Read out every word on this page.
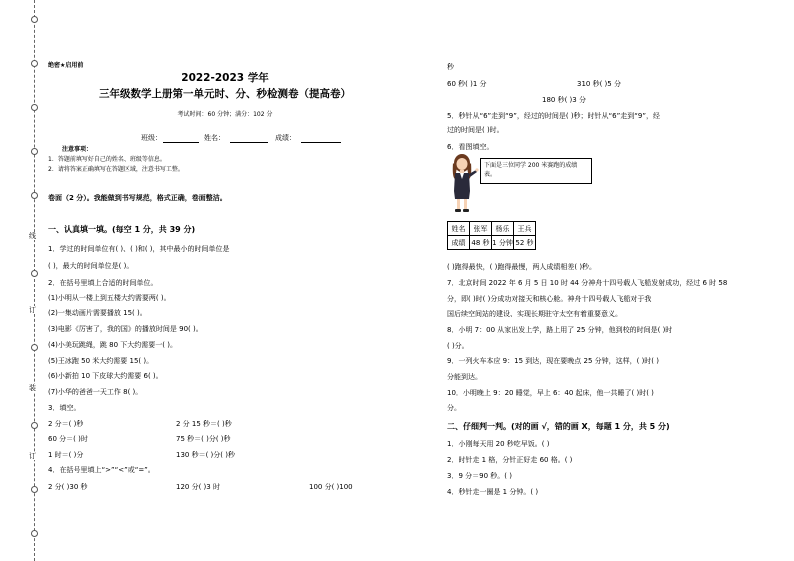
线
订
装
订
绝密★启用前
2022-2023 学年
三年级数学上册第一单元时、分、秒检测卷（提高卷）
考试时间：60 分钟；满分：102 分
班级：	姓名：	成绩：
注意事项：
1．答题前填写好自己的姓名、班级等信息。
2．请将答案正确填写在答题区域，注意书写工整。
卷面（2 分）。我能做到书写规范，格式正确，卷面整洁。
一、认真填一填。(每空 1 分，共 39 分)
1．学过的时间单位有( )、( )和( )，其中最小的时间单位是
( )，最大的时间单位是( )。
2．在括号里填上合适的时间单位。
(1)小明从一楼上到五楼大约需要两( )。
(2)一集动画片需要播放 15( )。
(3)电影《厉害了，我的国》的播放时间是 90( )。
(4)小美玩跳绳，跳 80 下大约需要一( )。
(5)王冰跑 50 米大约需要 15( )。
(6)小新拍 10 下皮球大约需要 6( )。
(7)小华的爸爸一天工作 8( )。
3．填空。
2 分＝( )秒	2 分 15 秒＝( )秒
60 分＝( )时	75 秒＝( )分( )秒
1 时＝( )分	130 秒＝( )分( )秒
4．在括号里填上“>”“<”或“=”。
2 分( )30 秒	120 分( )3 时	100 分( )100
秒
60 秒( )1 分	310 秒( )5 分
180 秒( )3 分
5．秒针从“6”走到“9”，经过的时间是( )秒；时针从“6”走到“9”，经
过的时间是( )时。
6．看图填空。
下面是三位同学 200 米赛跑的成绩表。
姓名	张军	杨乐	王兵
成绩	48 秒	1 分钟	52 秒
( )跑得最快，( )跑得最慢，两人成绩相差( )秒。
7．北京时间 2022 年 6 月 5 日 10 时 44 分神舟十四号载人飞船发射成功，经过 6 时 58
分，即( )时( )分成功对接天和核心舱。神舟十四号载人飞船对于我
国后续空间站的建设、实现长期驻守太空有着重要意义。
8．小明 7：00 从家出发上学，路上用了 25 分钟，他到校的时间是( )时
( )分。
9．一列火车本应 9：15 到达，现在要晚点 25 分钟，这样，( )时( )
分能到达。
10．小明晚上 9：20 睡觉，早上 6：40 起床，他一共睡了( )时( )
分。
二、仔细判一判。(对的画 √，错的画 X，每题 1 分，共 5 分)
1．小刚每天用 20 秒吃早饭。( )
2．时针走 1 格，分针正好走 60 格。( )
3．9 分＝90 秒。( )
4．秒针走一圈是 1 分钟。( )
